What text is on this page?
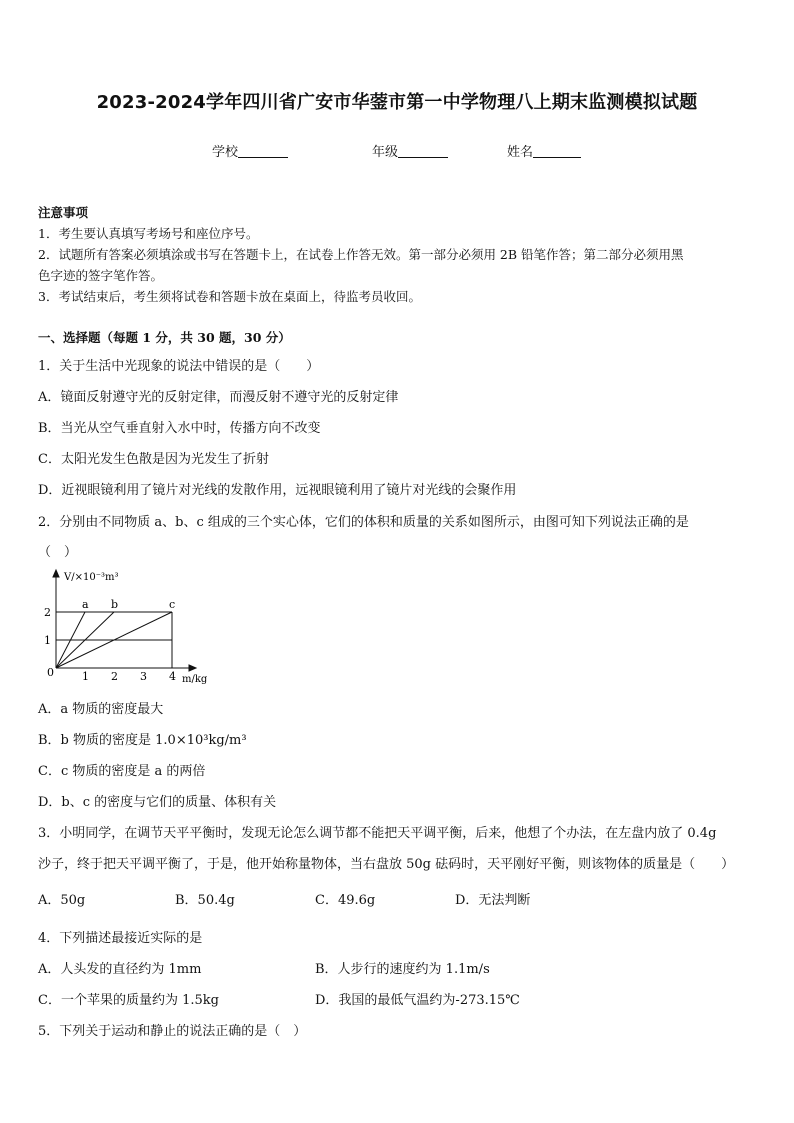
2023-2024学年四川省广安市华蓥市第一中学物理八上期末监测模拟试题
学校	年级	姓名
注意事项
1．考生要认真填写考场号和座位序号。
2．试题所有答案必须填涂或书写在答题卡上，在试卷上作答无效。第一部分必须用 2B 铅笔作答；第二部分必须用黑
色字迹的签字笔作答。
3．考试结束后，考生须将试卷和答题卡放在桌面上，待监考员收回。
一、选择题（每题 1 分，共 30 题，30 分）
1．关于生活中光现象的说法中错误的是（　　）
A．镜面反射遵守光的反射定律，而漫反射不遵守光的反射定律
B．当光从空气垂直射入水中时，传播方向不改变
C．太阳光发生色散是因为光发生了折射
D．近视眼镜利用了镜片对光线的发散作用，远视眼镜利用了镜片对光线的会聚作用
2．分别由不同物质 a、b、c 组成的三个实心体，它们的体积和质量的关系如图所示，由图可知下列说法正确的是
（　）
V/×10⁻³m³
m/kg
0	1 2 3 4
1
2
a b	c
A．a 物质的密度最大
B．b 物质的密度是 1.0×10³kg/m³
C．c 物质的密度是 a 的两倍
D．b、c 的密度与它们的质量、体积有关
3．小明同学，在调节天平平衡时，发现无论怎么调节都不能把天平调平衡，后来，他想了个办法，在左盘内放了 0.4g
沙子，终于把天平调平衡了，于是，他开始称量物体，当右盘放 50g 砝码时，天平刚好平衡，则该物体的质量是（　　）
A．50g	B．50.4g	C．49.6g	D．无法判断
4．下列描述最接近实际的是
A．人头发的直径约为 1mm	B．人步行的速度约为 1.1m/s
C．一个苹果的质量约为 1.5kg	D．我国的最低气温约为-273.15℃
5．下列关于运动和静止的说法正确的是（　）
